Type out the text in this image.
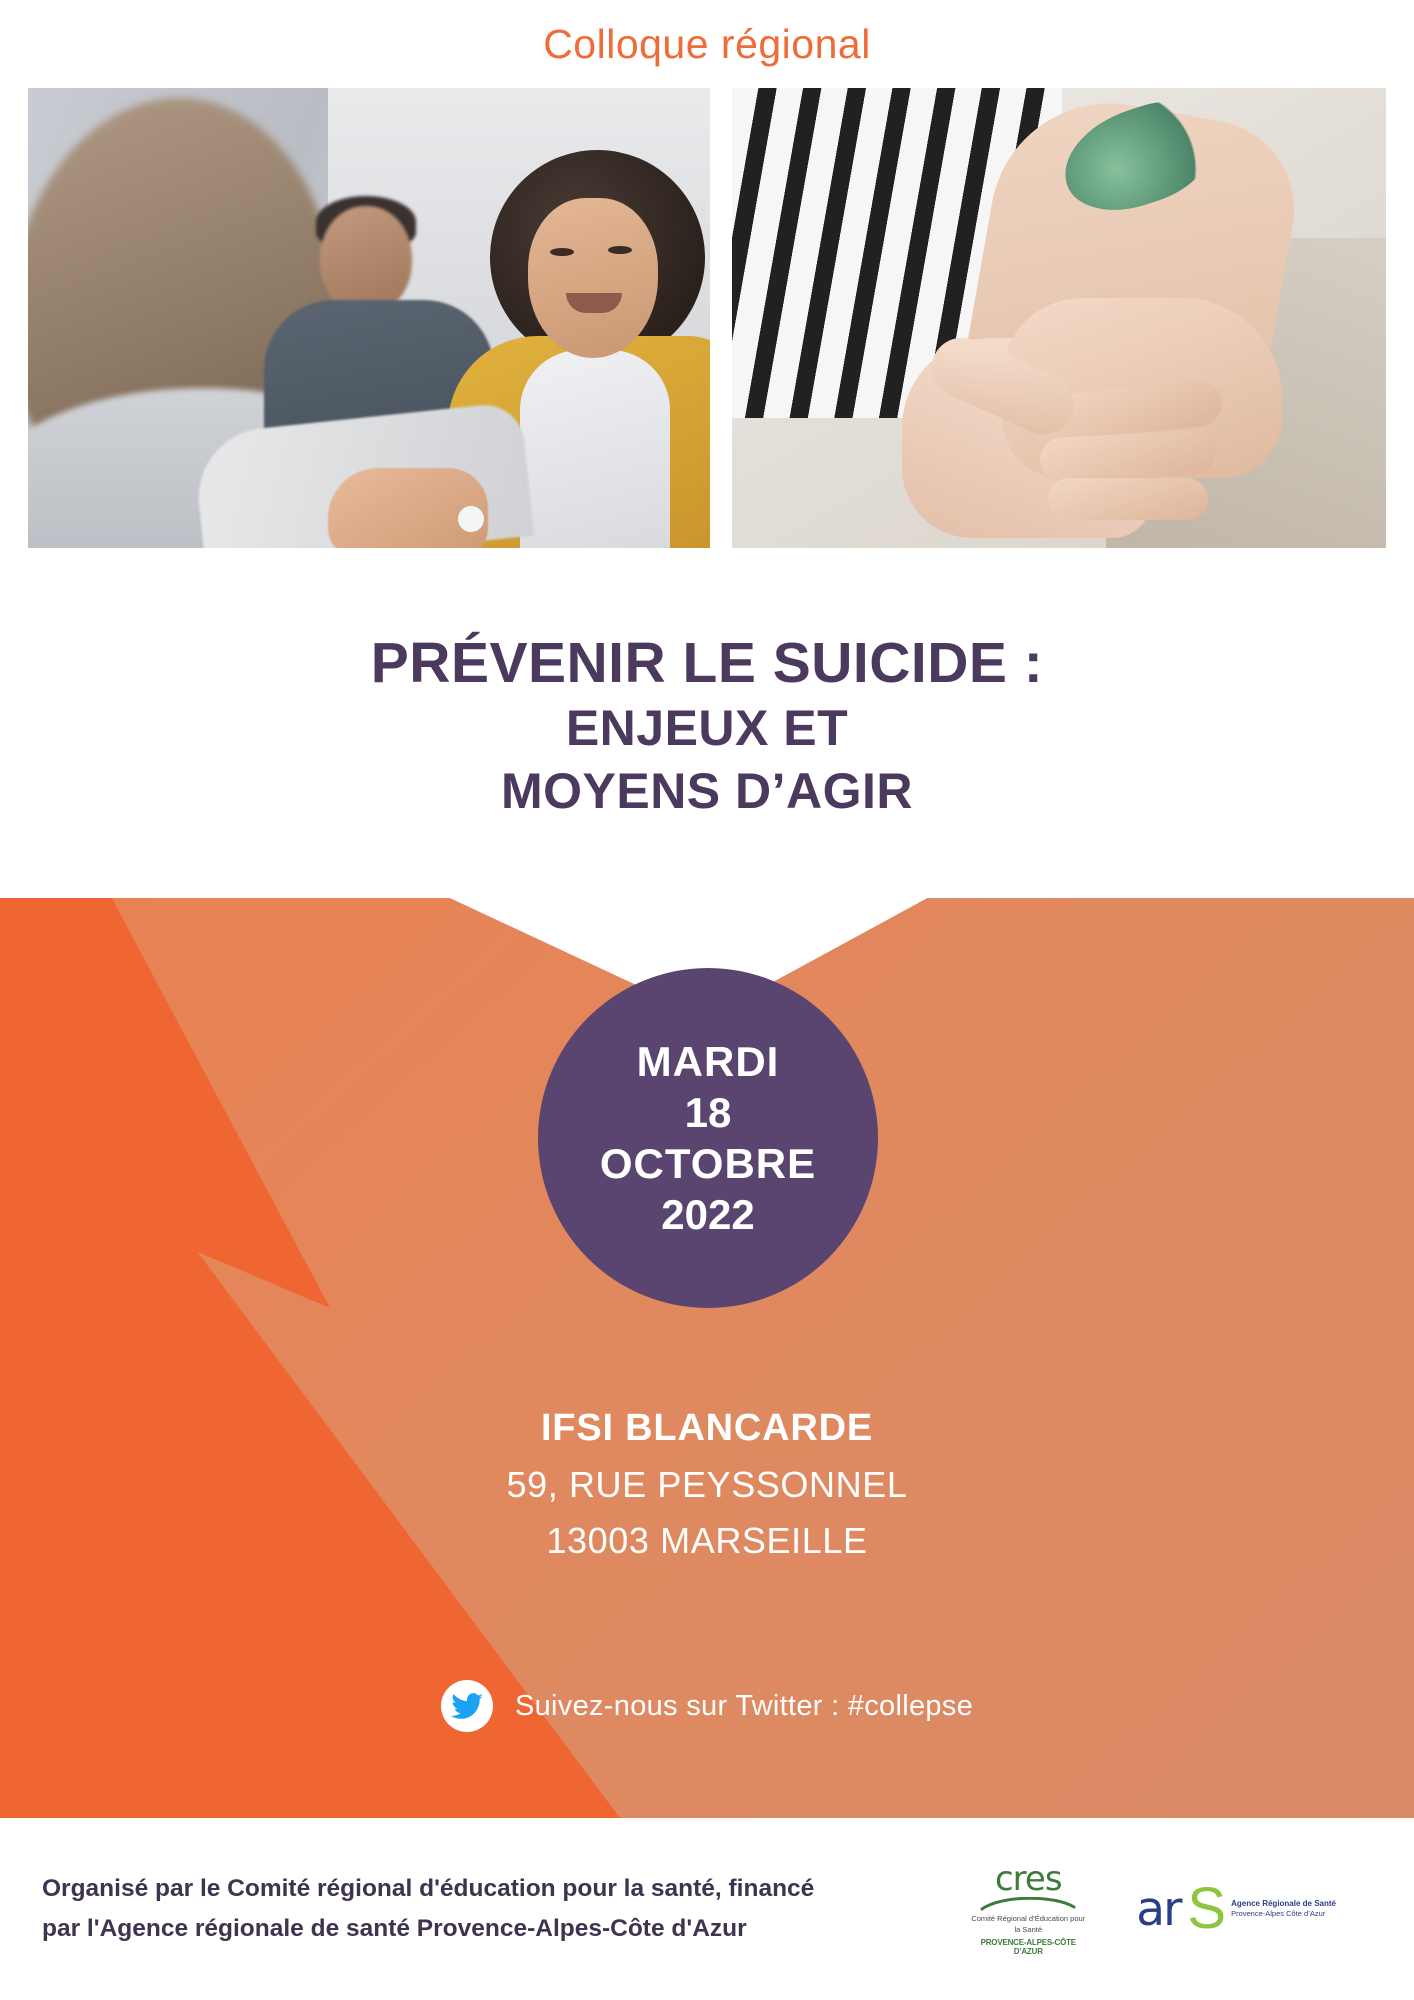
Colloque régional
PRÉVENIR LE SUICIDE :
ENJEUX ET
MOYENS D’AGIR
MARDI
18
OCTOBRE
2022
IFSI BLANCARDE
59, RUE PEYSSONNEL
13003 MARSEILLE
Suivez-nous sur Twitter : #collepse
Organisé par le Comité régional d'éducation pour la santé, financé
par l'Agence régionale de santé Provence-Alpes-Côte d'Azur
cres
Comité Régional d’Éducation pour la Santé
PROVENCE-ALPES-CÔTE D’AZUR
ar S Agence Régionale de Santé
Provence-Alpes Côte d’Azur
